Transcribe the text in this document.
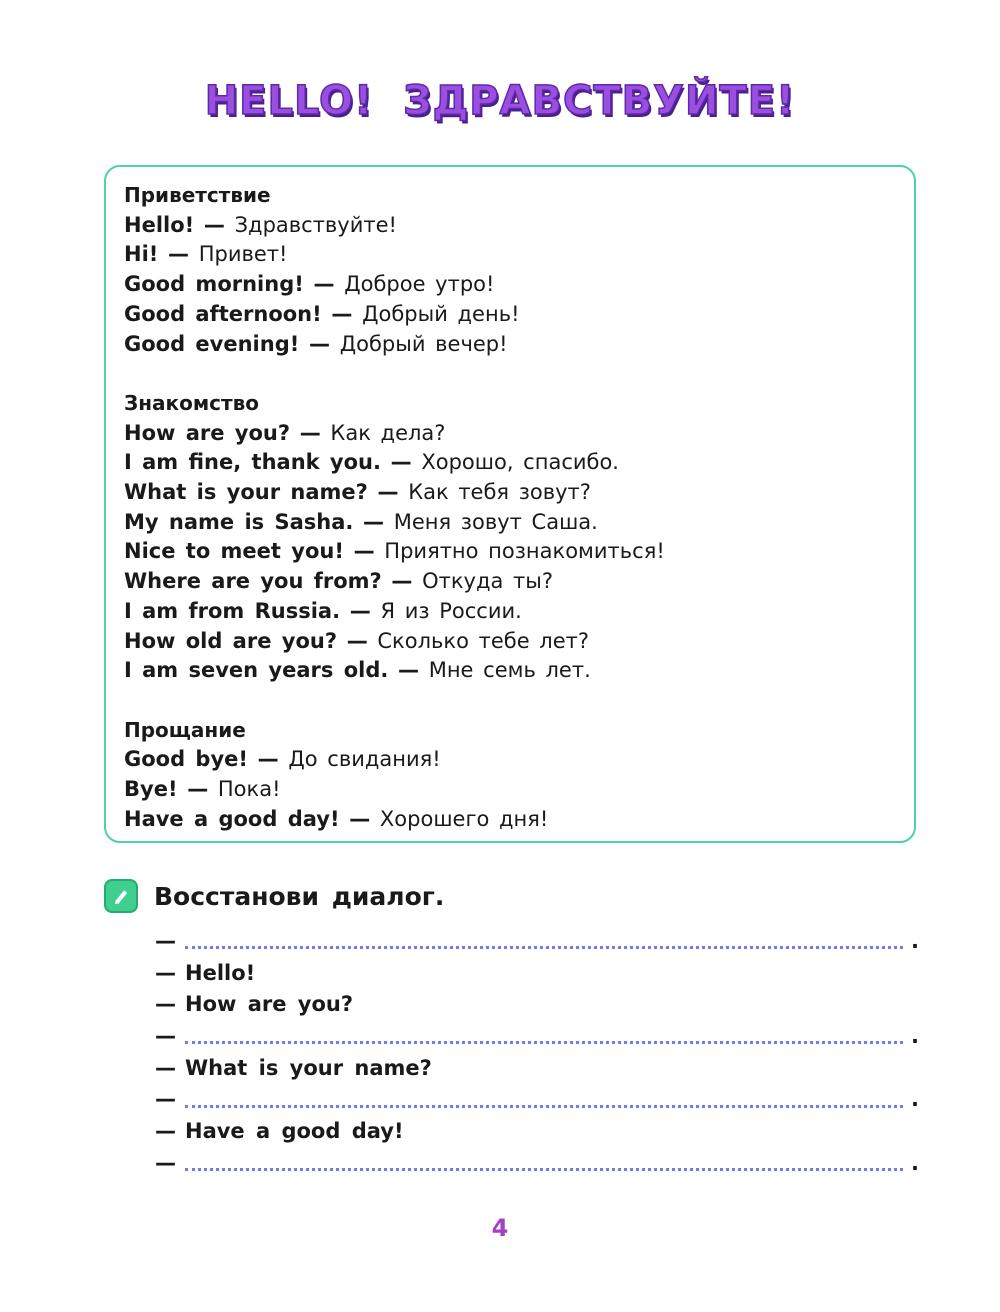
HELLO! ЗДРАВСТВУЙТЕ!
Приветствие
Hello! — Здравствуйте!
Hi! — Привет!
Good morning! — Доброе утро!
Good afternoon! — Добрый день!
Good evening! — Добрый вечер!
Знакомство
How are you? — Как дела?
I am fine, thank you. — Хорошо, спасибо.
What is your name? — Как тебя зовут?
My name is Sasha. — Меня зовут Саша.
Nice to meet you! — Приятно познакомиться!
Where are you from? — Откуда ты?
I am from Russia. — Я из России.
How old are you? — Сколько тебе лет?
I am seven years old. — Мне семь лет.
Прощание
Good bye! — До свидания!
Bye! — Пока!
Have a good day! — Хорошего дня!
Восстанови диалог.
—	.
— Hello!
— How are you?
—	.
— What is your name?
—	.
— Have a good day!
—	.
4
